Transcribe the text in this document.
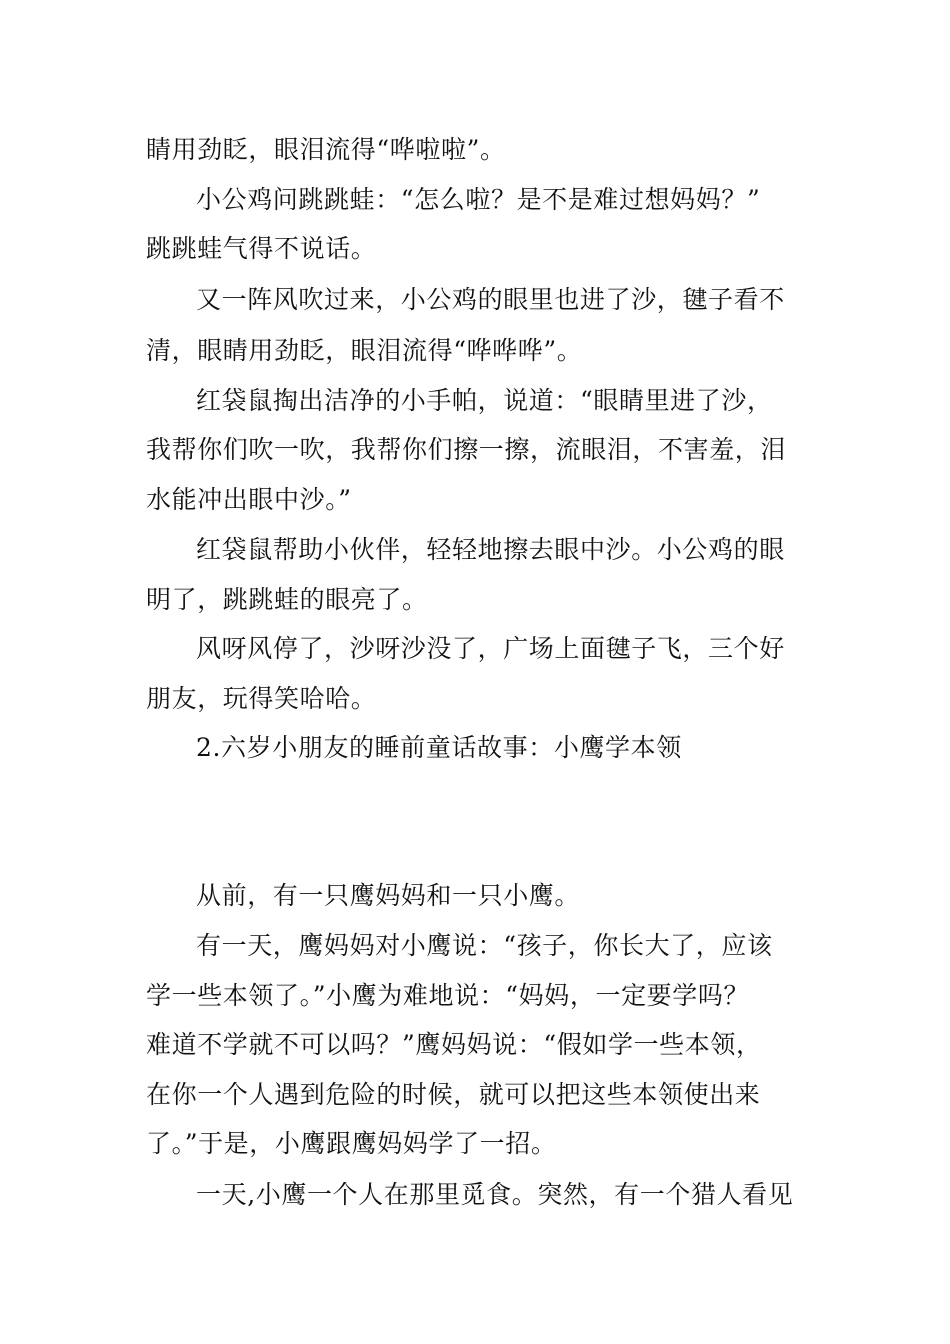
睛用劲眨，眼泪流得“哗啦啦”。
小公鸡问跳跳蛙：“怎么啦？是不是难过想妈妈？”
跳跳蛙气得不说话。
又一阵风吹过来，小公鸡的眼里也进了沙，毽子看不
清，眼睛用劲眨，眼泪流得“哗哗哗”。
红袋鼠掏出洁净的小手帕，说道：“眼睛里进了沙，
我帮你们吹一吹，我帮你们擦一擦，流眼泪，不害羞，泪
水能冲出眼中沙。”
红袋鼠帮助小伙伴，轻轻地擦去眼中沙。小公鸡的眼
明了，跳跳蛙的眼亮了。
风呀风停了，沙呀沙没了，广场上面毽子飞，三个好
朋友，玩得笑哈哈。
2.六岁小朋友的睡前童话故事：小鹰学本领
从前，有一只鹰妈妈和一只小鹰。
有一天，鹰妈妈对小鹰说：“孩子，你长大了，应该
学一些本领了。”小鹰为难地说：“妈妈，一定要学吗？
难道不学就不可以吗？”鹰妈妈说：“假如学一些本领，
在你一个人遇到危险的时候，就可以把这些本领使出来
了。”于是，小鹰跟鹰妈妈学了一招。
一天,小鹰一个人在那里觅食。突然，有一个猎人看见
